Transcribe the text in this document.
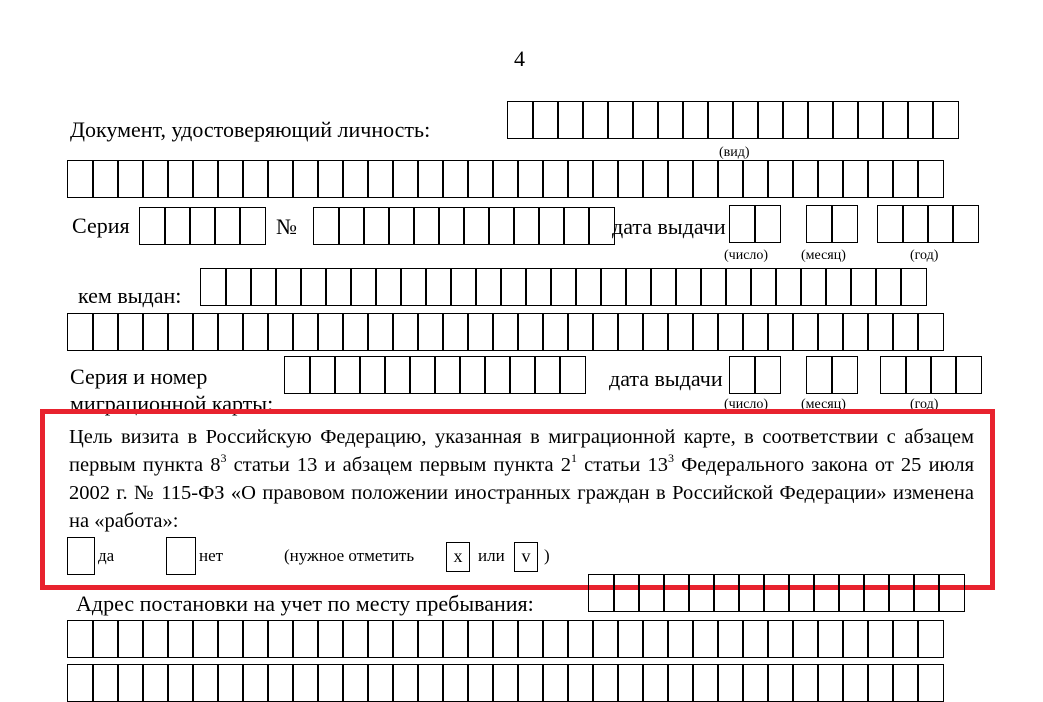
4
Документ, удостоверяющий личность:
(вид)
Серия	№	дата выдачи
(число) (месяц)	(год)
кем выдан:
Серия и номер
миграционной карты:
дата выдачи
(число) (месяц)	(год)
Цель визита в Российскую Федерацию, указанная в миграционной карте, в соответствии с абзацем первым пункта $8^3$ статьи 13 и абзацем первым пункта $2^1$ статьи $13^3$ Федерального закона от 25 июля 2002 г. № 115-ФЗ «О правовом положении иностранных граждан в Российской Федерации» изменена на «работа»:
да	нет	(нужное отметить	x или v )
Адрес постановки на учет по месту пребывания:
